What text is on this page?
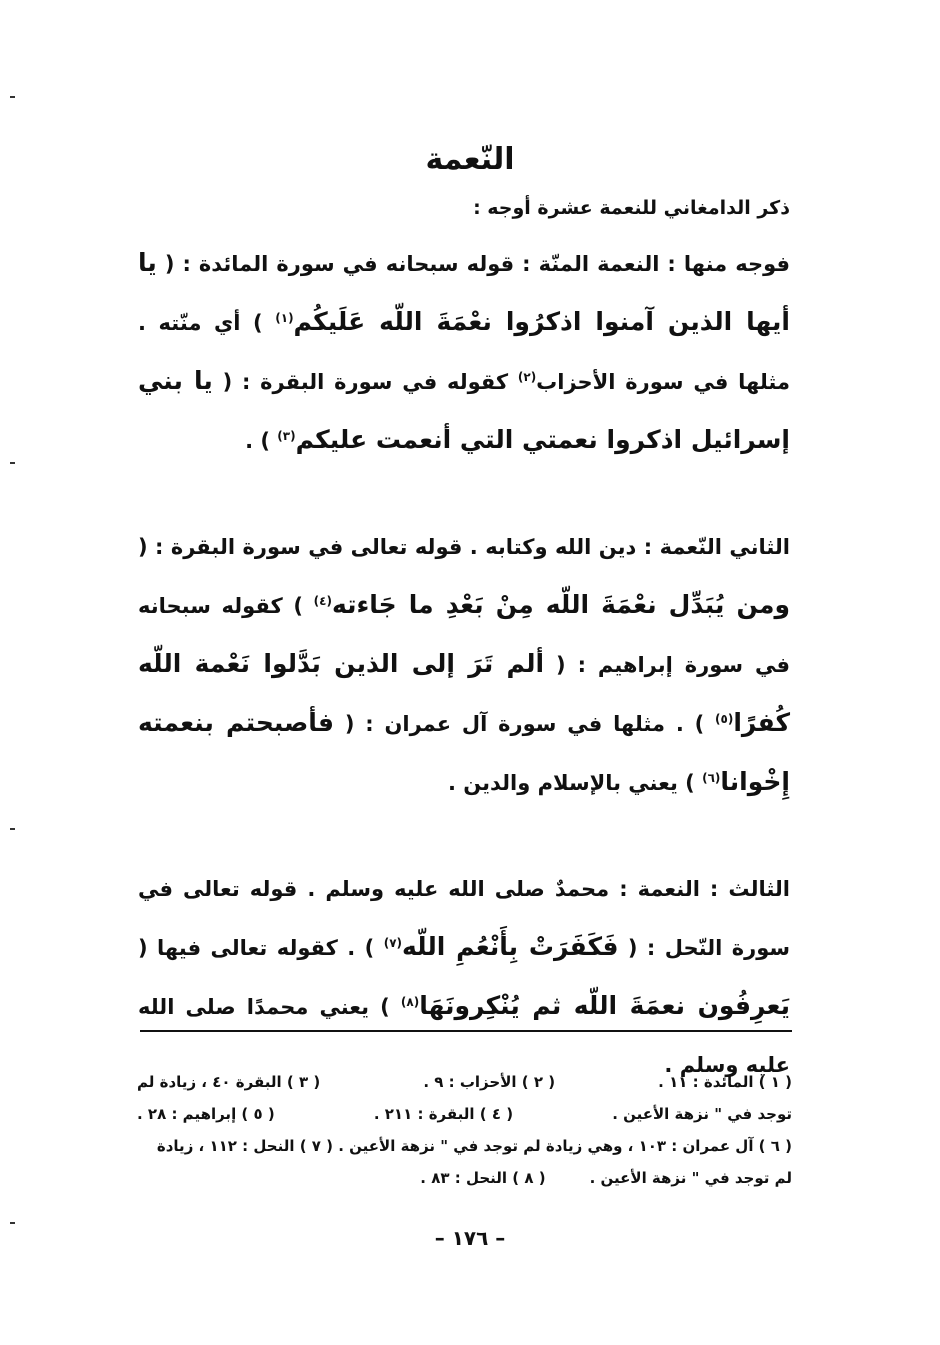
النّعمة

ذكر الدامغاني للنعمة عشرة أوجه :

فوجه منها : النعمة المنّة : قوله سبحانه في سورة المائدة : ( يا أيها الذين آمنوا اذكرُوا نعْمَةَ اللّه عَلَيكُم$^{(١)}$ ) أي منّته . مثلها في سورة الأحزاب$^{(٢)}$ كقوله في سورة البقرة : ( يا بني إسرائيل اذكروا نعمتي التي أنعمت عليكم$^{(٣)}$ ) .

الثاني النّعمة : دين الله وكتابه . قوله تعالى في سورة البقرة : ( ومن يُبَدِّل نعْمَةَ اللّه مِنْ بَعْدِ ما جَاءته$^{(٤)}$ ) كقوله سبحانه في سورة إبراهيم : ( ألم تَرَ إلى الذين بَدَّلوا نَعْمة اللّه كُفرًا$^{(٥)}$ ) . مثلها في سورة آل عمران : ( فأصبحتم بنعمته إِخْوانا$^{(٦)}$ ) يعني بالإسلام والدين .

الثالث : النعمة : محمدٌ صلى الله عليه وسلم . قوله تعالى في سورة النّحل : ( فَكَفَرَتْ بِأَنْعُمِ اللّه$^{(٧)}$ ) . كقوله تعالى فيها ( يَعرِفُون نعمَةَ اللّه ثم يُنْكِرونَهَا$^{(٨)}$ ) يعني محمدًا صلى الله عليه وسلم .

( ١ ) المائدة : ١١ .
( ٢ ) الأحزاب : ٩ .
( ٣ ) البقرة ٤٠ ، زيادة لم
توجد في " نزهة الأعين .
( ٤ ) البقرة : ٢١١ .
( ٥ ) إبراهيم : ٢٨ .
( ٦ ) آل عمران : ١٠٣ ، وهي زيادة لم توجد في " نزهة الأعين . ( ٧ ) النحل : ١١٢ ، زيادة
لم توجد في " نزهة الأعين .
( ٨ ) النحل : ٨٣ .
– ١٧٦ –
